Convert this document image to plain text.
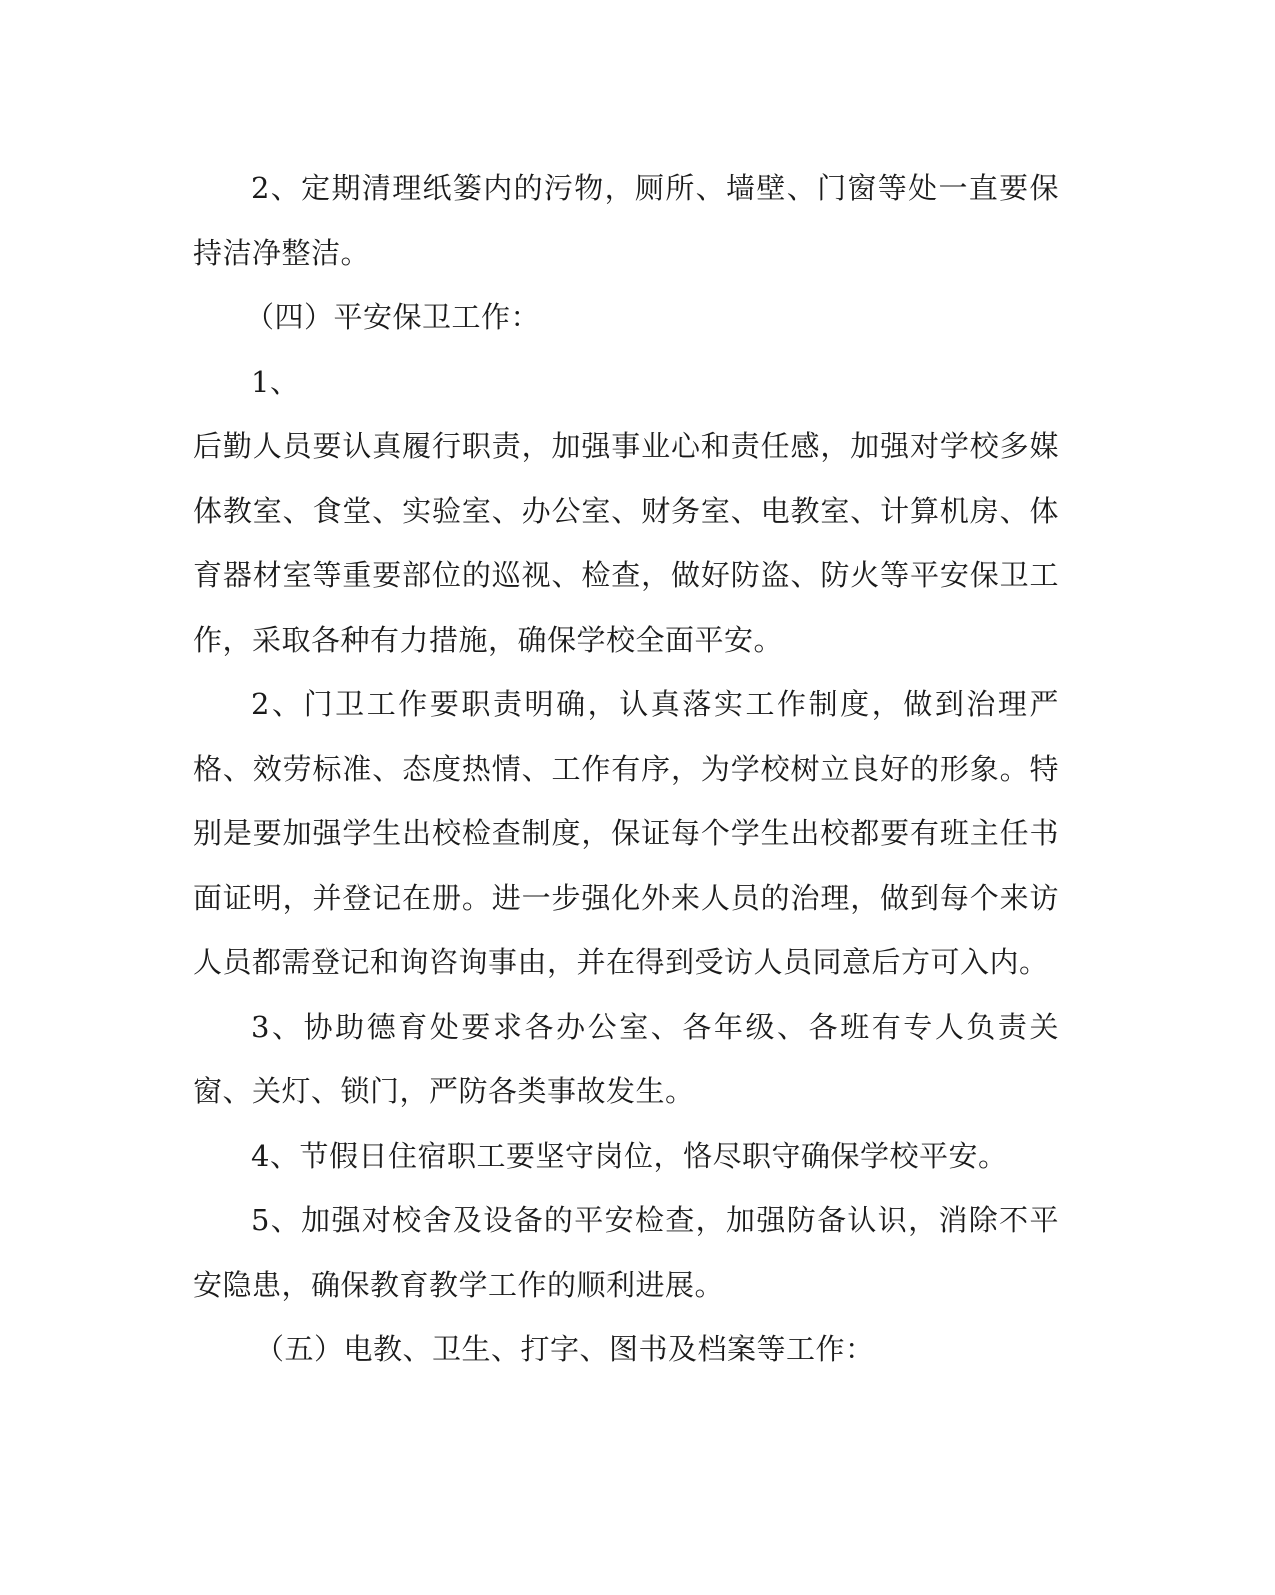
2、定期清理纸篓内的污物，厕所、墙壁、门窗等处一直要保持洁净整洁。

（四）平安保卫工作：

1、

后勤人员要认真履行职责，加强事业心和责任感，加强对学校多媒体教室、食堂、实验室、办公室、财务室、电教室、计算机房、体育器材室等重要部位的巡视、检查，做好防盗、防火等平安保卫工作，采取各种有力措施，确保学校全面平安。

2、门卫工作要职责明确，认真落实工作制度，做到治理严格、效劳标准、态度热情、工作有序，为学校树立良好的形象。特别是要加强学生出校检查制度，保证每个学生出校都要有班主任书面证明，并登记在册。进一步强化外来人员的治理，做到每个来访人员都需登记和询咨询事由，并在得到受访人员同意后方可入内。

3、协助德育处要求各办公室、各年级、各班有专人负责关窗、关灯、锁门，严防各类事故发生。

4、节假日住宿职工要坚守岗位，恪尽职守确保学校平安。

5、加强对校舍及设备的平安检查，加强防备认识，消除不平安隐患，确保教育教学工作的顺利进展。

（五）电教、卫生、打字、图书及档案等工作：
